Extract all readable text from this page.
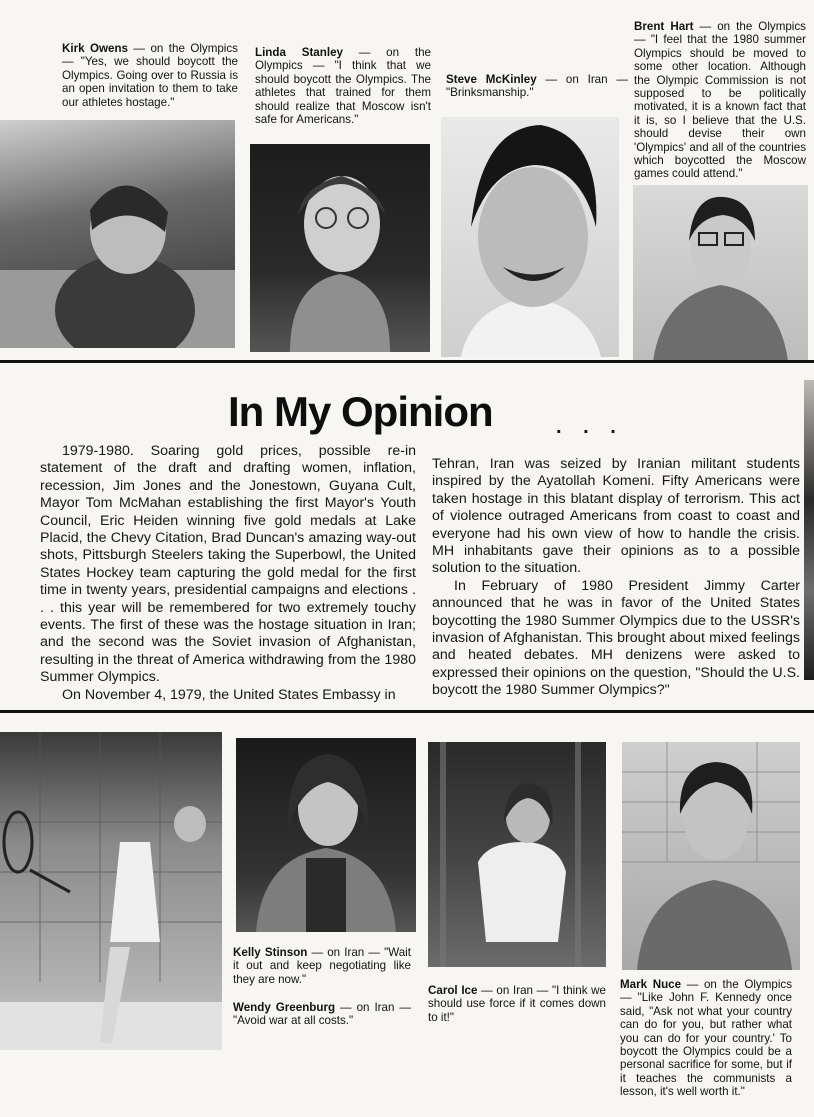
Kirk Owens — on the Olympics — "Yes, we should boycott the Olympics. Going over to Russia is an open invitation to them to take our athletes hostage."
Linda Stanley — on the Olympics — "I think that we should boycott the Olympics. The athletes that trained for them should realize that Moscow isn't safe for Americans."
Steve McKinley — on Iran — "Brinksmanship."
Brent Hart — on the Olympics — "I feel that the 1980 summer Olympics should be moved to some other location. Although the Olympic Commission is not supposed to be politically motivated, it is a known fact that it is, so I believe that the U.S. should devise their own 'Olympics' and all of the countries which boycotted the Moscow games could attend."
In My Opinion	. . .

1979-1980. Soaring gold prices, possible re-in statement of the draft and drafting women, inflation, recession, Jim Jones and the Jonestown, Guyana Cult, Mayor Tom McMahan establishing the first Mayor's Youth Council, Eric Heiden winning five gold medals at Lake Placid, the Chevy Citation, Brad Duncan's amazing way-out shots, Pittsburgh Steelers taking the Superbowl, the United States Hockey team capturing the gold medal for the first time in twenty years, presidential campaigns and elections . . . this year will be remembered for two extremely touchy events. The first of these was the hostage situation in Iran; and the second was the Soviet invasion of Afghanistan, resulting in the threat of America withdrawing from the 1980 Summer Olympics.

On November 4, 1979, the United States Embassy in

Tehran, Iran was seized by Iranian militant students inspired by the Ayatollah Komeni. Fifty Americans were taken hostage in this blatant display of terrorism. This act of violence outraged Americans from coast to coast and everyone had his own view of how to handle the crisis. MH inhabitants gave their opinions as to a possible solution to the situation.

In February of 1980 President Jimmy Carter announced that he was in favor of the United States boycotting the 1980 Summer Olympics due to the USSR's invasion of Afghanistan. This brought about mixed feelings and heated debates. MH denizens were asked to expressed their opinions on the question, "Should the U.S. boycott the 1980 Summer Olympics?"

Kelly Stinson — on Iran — "Wait it out and keep negotiating like they are now."
Wendy Greenburg — on Iran — "Avoid war at all costs."
Carol Ice — on Iran — "I think we should use force if it comes down to it!"
Mark Nuce — on the Olympics — "Like John F. Kennedy once said, "Ask not what your country can do for you, but rather what you can do for your country.' To boycott the Olympics could be a personal sacrifice for some, but if it teaches the communists a lesson, it's well worth it."
